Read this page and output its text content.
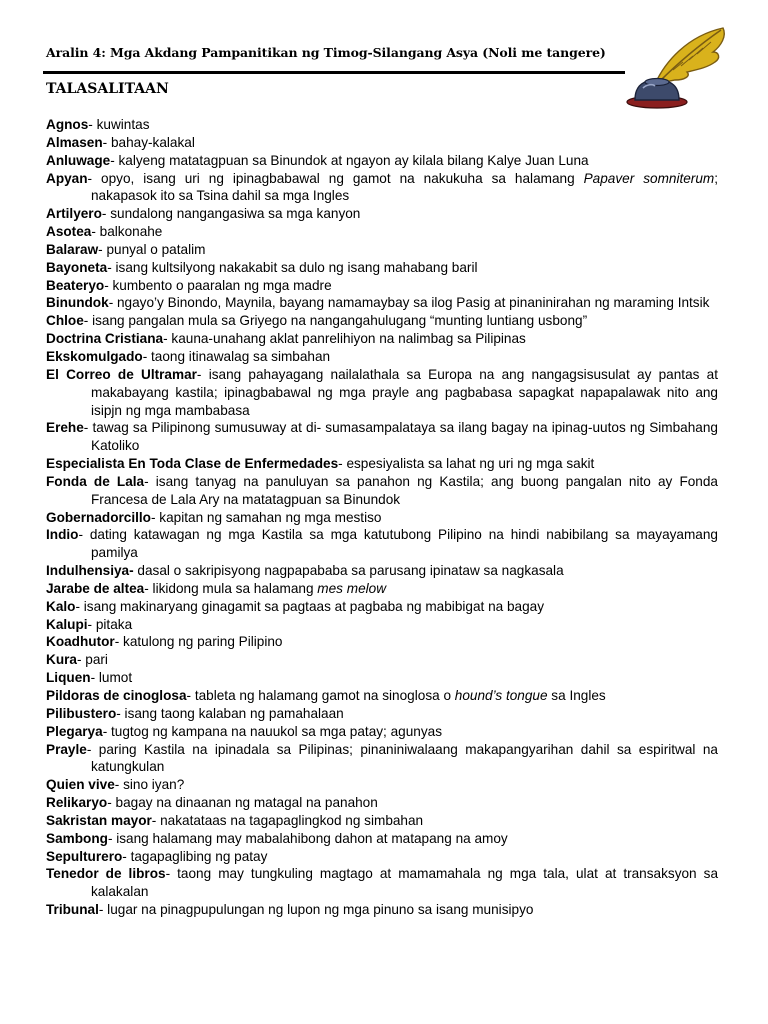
Aralin 4: Mga Akdang Pampanitikan ng Timog-Silangang Asya (Noli me tangere)
TALASALITAAN
Agnos- kuwintas
Almasen- bahay-kalakal
Anluwage- kalyeng matatagpuan sa Binundok at ngayon ay kilala bilang Kalye Juan Luna
Apyan- opyo, isang uri ng ipinagbabawal ng gamot na nakukuha sa halamang Papaver somniterum; nakapasok ito sa Tsina dahil sa mga Ingles
Artilyero- sundalong nangangasiwa sa mga kanyon
Asotea- balkonahe
Balaraw- punyal o patalim
Bayoneta- isang kultsilyong nakakabit sa dulo ng isang mahabang baril
Beateryo- kumbento o paaralan ng mga madre
Binundok- ngayo’y Binondo, Maynila, bayang namamaybay sa ilog Pasig at pinaninirahan ng maraming Intsik
Chloe- isang pangalan mula sa Griyego na nangangahulugang “munting luntiang usbong”
Doctrina Cristiana- kauna-unahang aklat panrelihiyon na nalimbag sa Pilipinas
Ekskomulgado- taong itinawalag sa simbahan
El Correo de Ultramar- isang pahayagang nailalathala sa Europa na ang nangagsisusulat ay pantas at makabayang kastila; ipinagbabawal ng mga prayle ang pagbabasa sapagkat napapalawak nito ang isipjn ng mga mambabasa
Erehe- tawag sa Pilipinong sumusuway at di- sumasampalataya sa ilang bagay na ipinag-uutos ng Simbahang Katoliko
Especialista En Toda Clase de Enfermedades- espesiyalista sa lahat ng uri ng mga sakit
Fonda de Lala- isang tanyag na panuluyan sa panahon ng Kastila; ang buong pangalan nito ay Fonda Francesa de Lala Ary na matatagpuan sa Binundok
Gobernadorcillo- kapitan ng samahan ng mga mestiso
Indio- dating katawagan ng mga Kastila sa mga katutubong Pilipino na hindi nabibilang sa mayayamang pamilya
Indulhensiya- dasal o sakripisyong nagpapababa sa parusang ipinataw sa nagkasala
Jarabe de altea- likidong mula sa halamang mes melow
Kalo- isang makinaryang ginagamit sa pagtaas at pagbaba ng mabibigat na bagay
Kalupi- pitaka
Koadhutor- katulong ng paring Pilipino
Kura- pari
Liquen- lumot
Pildoras de cinoglosa- tableta ng halamang gamot na sinoglosa o hound’s tongue sa Ingles
Pilibustero- isang taong kalaban ng pamahalaan
Plegarya- tugtog ng kampana na nauukol sa mga patay; agunyas
Prayle- paring Kastila na ipinadala sa Pilipinas; pinaniniwalaang makapangyarihan dahil sa espiritwal na katungkulan
Quien vive- sino iyan?
Relikaryo- bagay na dinaanan ng matagal na panahon
Sakristan mayor- nakatataas na tagapaglingkod ng simbahan
Sambong- isang halamang may mabalahibong dahon at matapang na amoy
Sepulturero- tagapaglibing ng patay
Tenedor de libros- taong may tungkuling magtago at mamamahala ng mga tala, ulat at transaksyon sa kalakalan
Tribunal- lugar na pinagpupulungan ng lupon ng mga pinuno sa isang munisipyo
